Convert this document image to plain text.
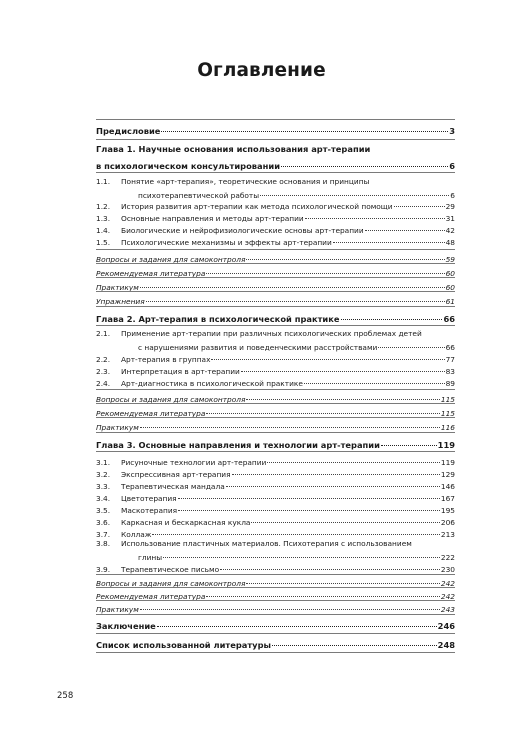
Оглавление
Предисловие	3
Глава 1. Научные основания использования арт-терапии
в психологическом консультировании	6
1.1. Понятие «арт-терапия», теоретические основания и принципы
психотерапевтической работы	6
1.2.	История развития арт-терапии как метода психологической помощи	29
1.3.	Основные направления и методы арт-терапии	31
1.4.	Биологические и нейрофизиологические основы арт-терапии	42
1.5.	Психологические механизмы и эффекты арт-терапии	48
Вопросы и задания для самоконтроля	59
Рекомендуемая литература	60
Практикум	60
Упражнения	61
Глава 2. Арт-терапия в психологической практике	66
2.1. Применение арт-терапии при различных психологических проблемах детей
с нарушениями развития и поведенческими расстройствами	66
2.2.	Арт-терапия в группах	77
2.3.	Интерпретация в арт-терапии	83
2.4.	Арт-диагностика в психологической практике	89
Вопросы и задания для самоконтроля	115
Рекомендуемая литература	115
Практикум	116
Глава 3. Основные направления и технологии арт-терапии	119
3.1.	Рисуночные технологии арт-терапии	119
3.2.	Экспрессивная арт-терапия	129
3.3.	Терапевтическая мандала	146
3.4.	Цветотерапия	167
3.5.	Маскотерапия	195
3.6.	Каркасная и бескаркасная кукла	206
3.7.	Коллаж	213
3.8. Использование пластичных материалов. Психотерапия с использованием
глины	222
3.9.	Терапевтическое письмо	230
Вопросы и задания для самоконтроля	242
Рекомендуемая литература	242
Практикум	243
Заключение	246
Список использованной литературы	248
258
